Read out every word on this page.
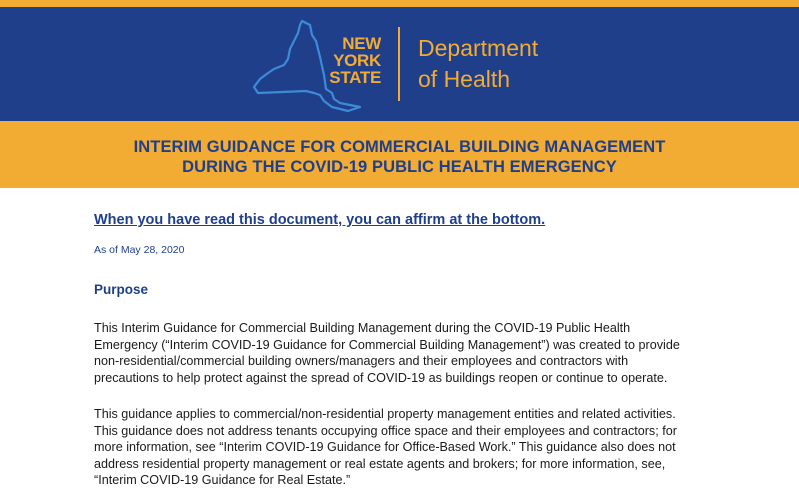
NEW
YORK
STATE
Department
of Health
INTERIM GUIDANCE FOR COMMERCIAL BUILDING MANAGEMENT
DURING THE COVID-19 PUBLIC HEALTH EMERGENCY
When you have read this document, you can affirm at the bottom.
As of May 28, 2020
Purpose
This Interim Guidance for Commercial Building Management during the COVID-19 Public Health
Emergency (“Interim COVID-19 Guidance for Commercial Building Management”) was created to provide
non-residential/commercial building owners/managers and their employees and contractors with
precautions to help protect against the spread of COVID-19 as buildings reopen or continue to operate.
This guidance applies to commercial/non-residential property management entities and related activities.
This guidance does not address tenants occupying office space and their employees and contractors; for
more information, see “Interim COVID-19 Guidance for Office-Based Work.” This guidance also does not
address residential property management or real estate agents and brokers; for more information, see,
“Interim COVID-19 Guidance for Real Estate.”
